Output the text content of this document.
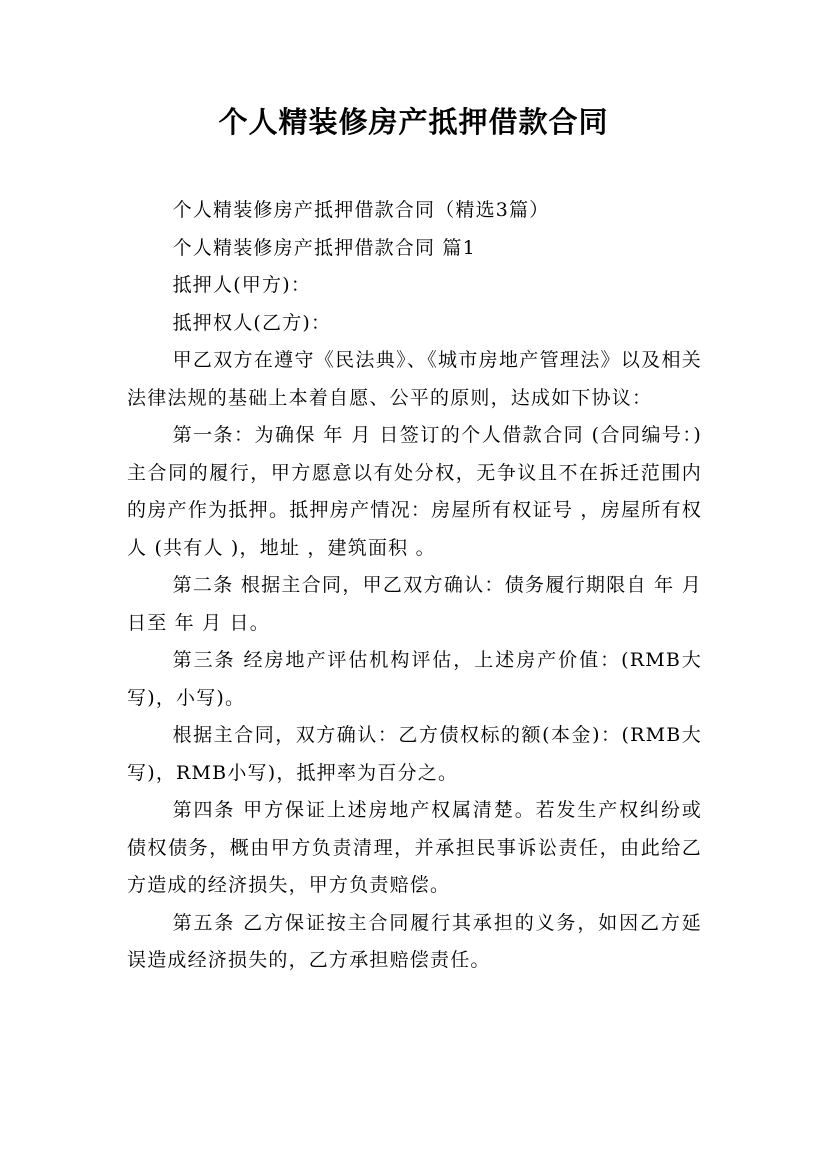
个人精装修房产抵押借款合同

个人精装修房产抵押借款合同（精选3篇）

个人精装修房产抵押借款合同 篇1

抵押人(甲方)：

抵押权人(乙方)：

甲乙双方在遵守《民法典》、《城市房地产管理法》以及相关法律法规的基础上本着自愿、公平的原则，达成如下协议：

第一条：为确保 年 月 日签订的个人借款合同 (合同编号：)主合同的履行，甲方愿意以有处分权，无争议且不在拆迁范围内的房产作为抵押。抵押房产情况：房屋所有权证号 ，房屋所有权人 (共有人 )，地址 ，建筑面积 。

第二条 根据主合同，甲乙双方确认：债务履行期限自 年 月 日至 年 月 日。

第三条 经房地产评估机构评估，上述房产价值：(RMB大写)，小写)。

根据主合同，双方确认：乙方债权标的额(本金)：(RMB大写)，RMB小写)，抵押率为百分之。

第四条 甲方保证上述房地产权属清楚。若发生产权纠纷或债权债务，概由甲方负责清理，并承担民事诉讼责任，由此给乙方造成的经济损失，甲方负责赔偿。

第五条 乙方保证按主合同履行其承担的义务，如因乙方延误造成经济损失的，乙方承担赔偿责任。
